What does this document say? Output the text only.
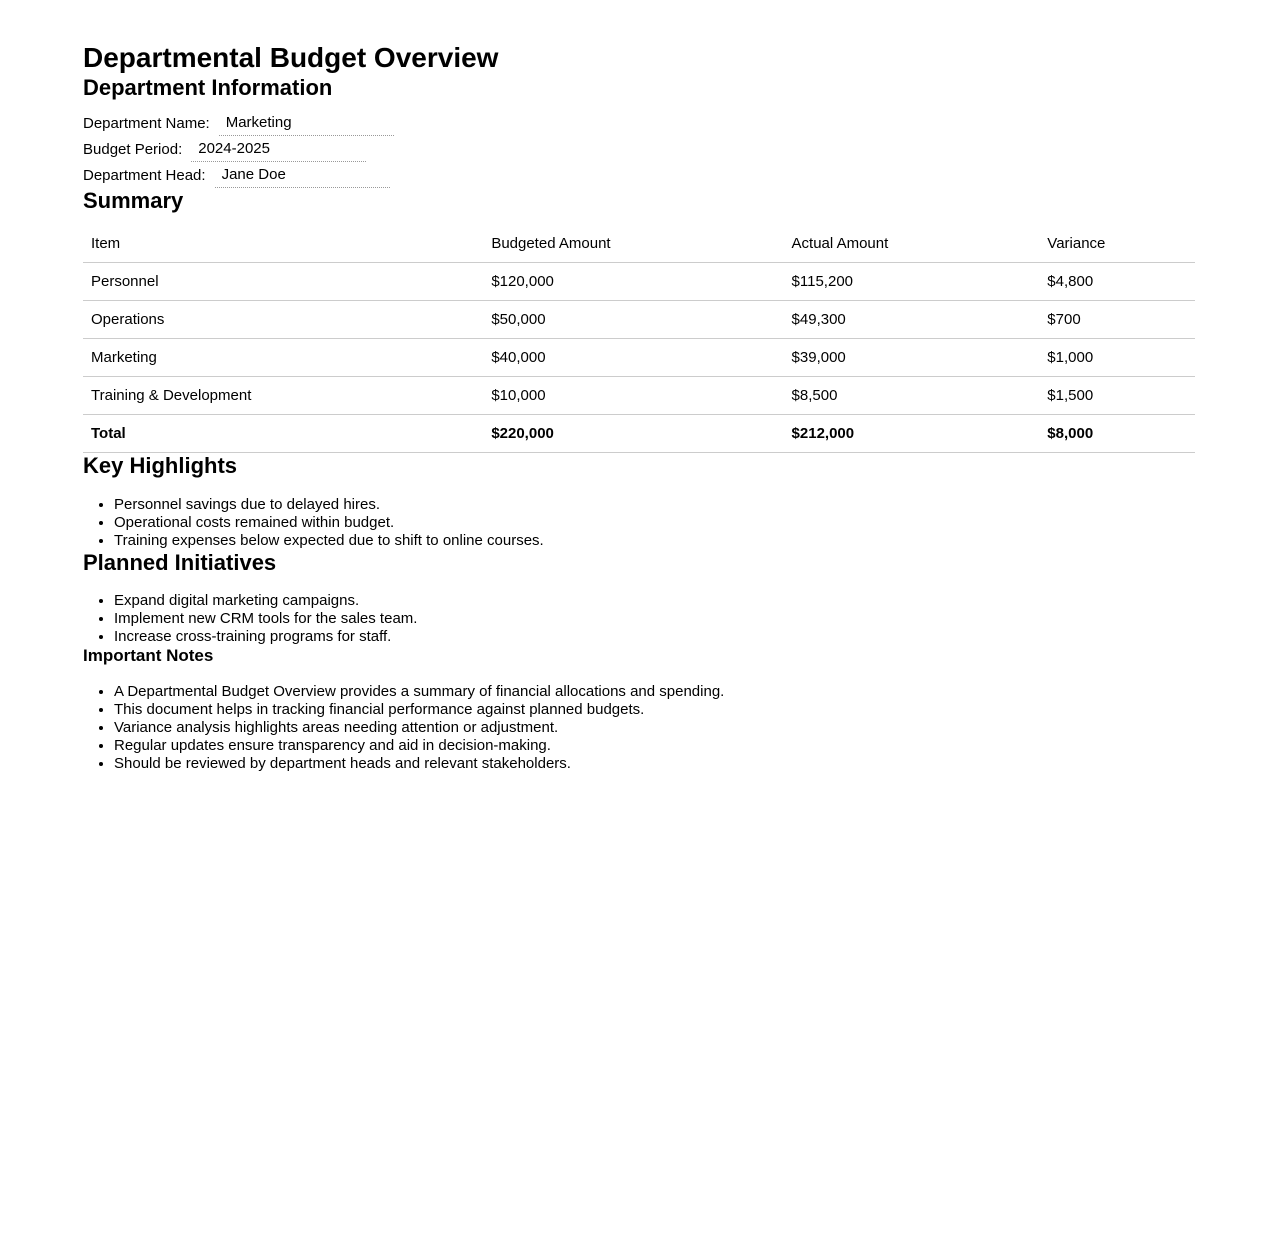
Departmental Budget Overview
Department Information
Department Name:	Marketing
Budget Period:	2024-2025
Department Head:	Jane Doe
Summary
Item	Budgeted Amount	Actual Amount	Variance
Personnel	$120,000	$115,200	$4,800
Operations	$50,000	$49,300	$700
Marketing	$40,000	$39,000	$1,000
Training & Development	$10,000	$8,500	$1,500
Total	$220,000	$212,000	$8,000
Key Highlights
• Personnel savings due to delayed hires.
• Operational costs remained within budget.
• Training expenses below expected due to shift to online courses.
Planned Initiatives
• Expand digital marketing campaigns.
• Implement new CRM tools for the sales team.
• Increase cross-training programs for staff.
Important Notes
• A Departmental Budget Overview provides a summary of financial allocations and spending.
• This document helps in tracking financial performance against planned budgets.
• Variance analysis highlights areas needing attention or adjustment.
• Regular updates ensure transparency and aid in decision-making.
• Should be reviewed by department heads and relevant stakeholders.
